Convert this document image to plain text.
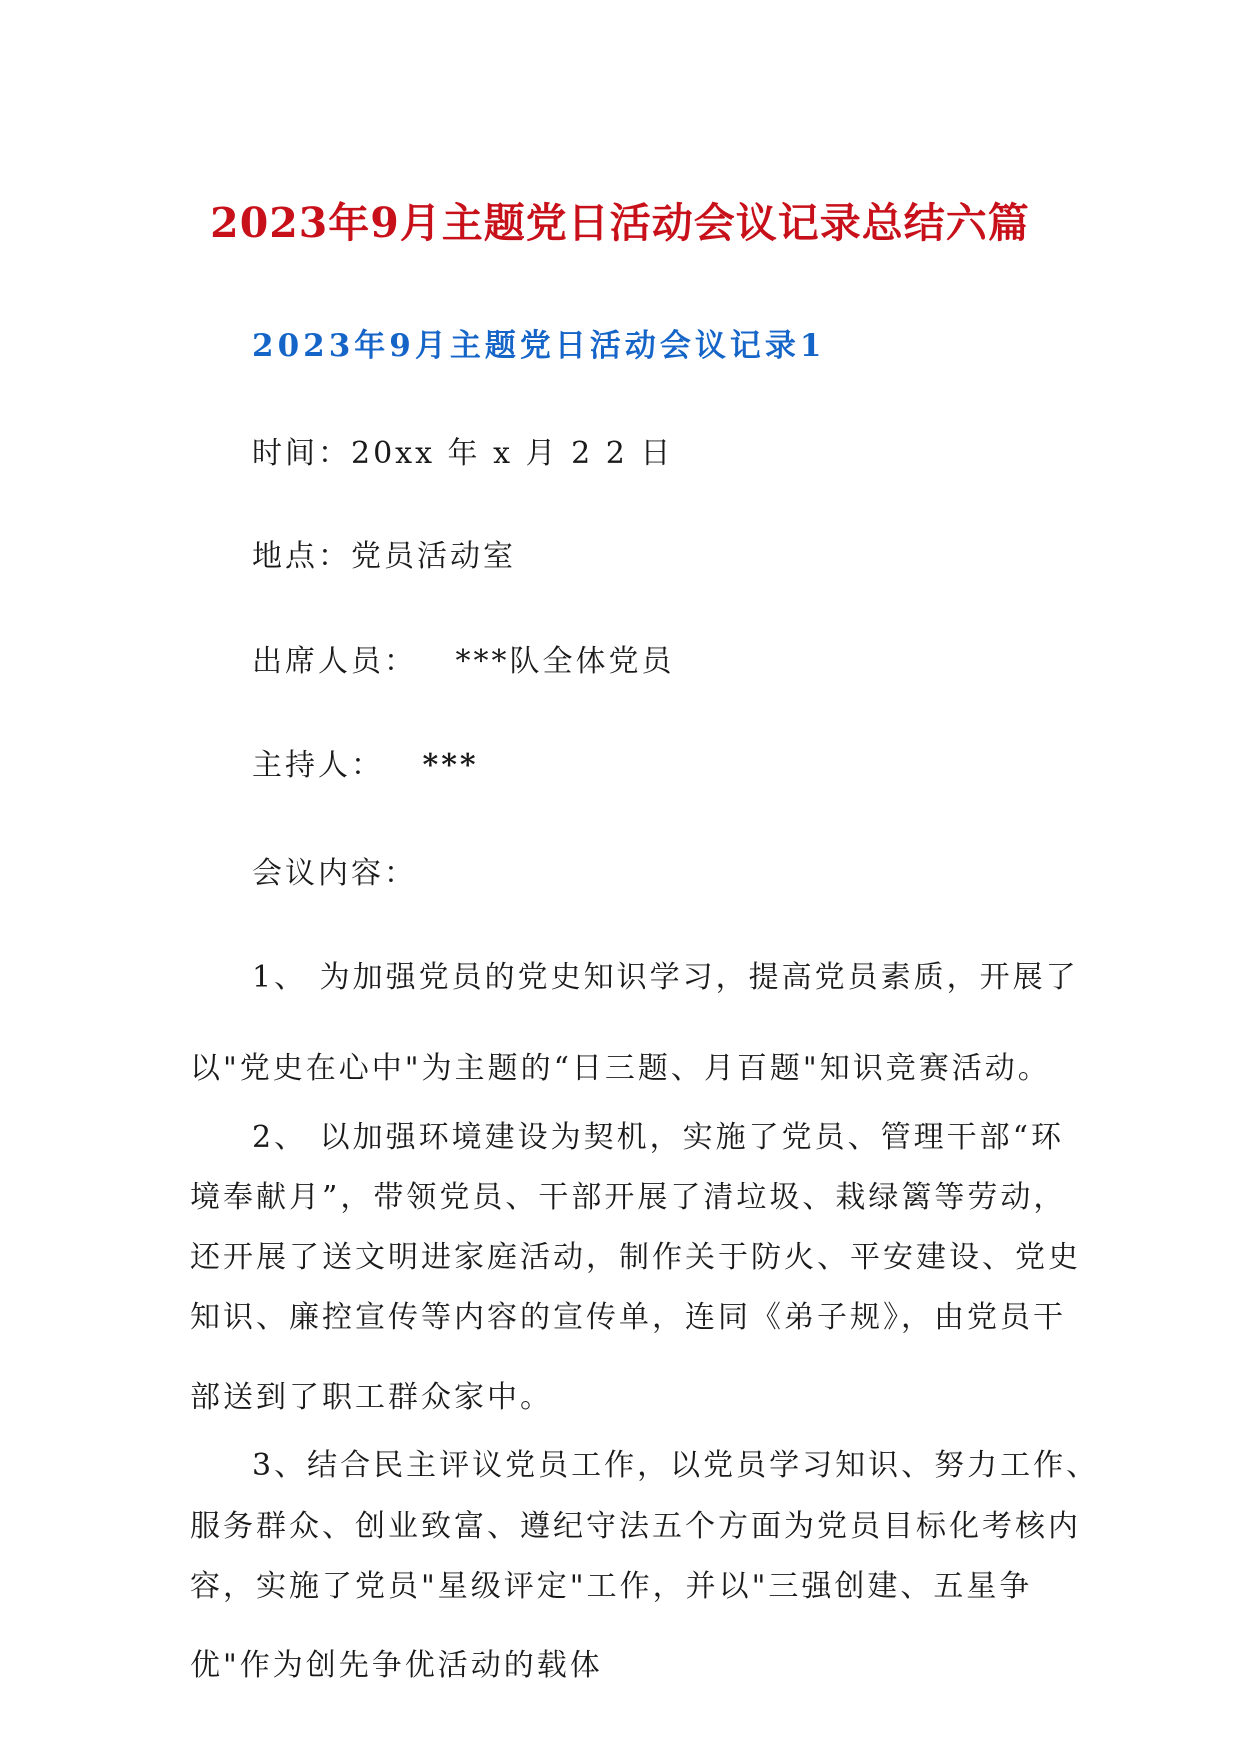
2023年9月主题党日活动会议记录总结六篇
2023年9月主题党日活动会议记录1
时间：20xx 年 x 月 2 2 日
地点：党员活动室
出席人员： ***队全体党员
主持人： ***
会议内容：
1、 为加强党员的党史知识学习，提高党员素质，开展了
以"党史在心中"为主题的“日三题、月百题"知识竞赛活动。
2、 以加强环境建设为契机，实施了党员、管理干部“环
境奉献月”，带领党员、干部开展了清垃圾、栽绿篱等劳动，
还开展了送文明进家庭活动，制作关于防火、平安建设、党史
知识、廉控宣传等内容的宣传单，连同《弟子规》，由党员干
部送到了职工群众家中。
3、结合民主评议党员工作，以党员学习知识、努力工作、
服务群众、创业致富、遵纪守法五个方面为党员目标化考核内
容，实施了党员"星级评定"工作，并以"三强创建、五星争
优"作为创先争优活动的载体
